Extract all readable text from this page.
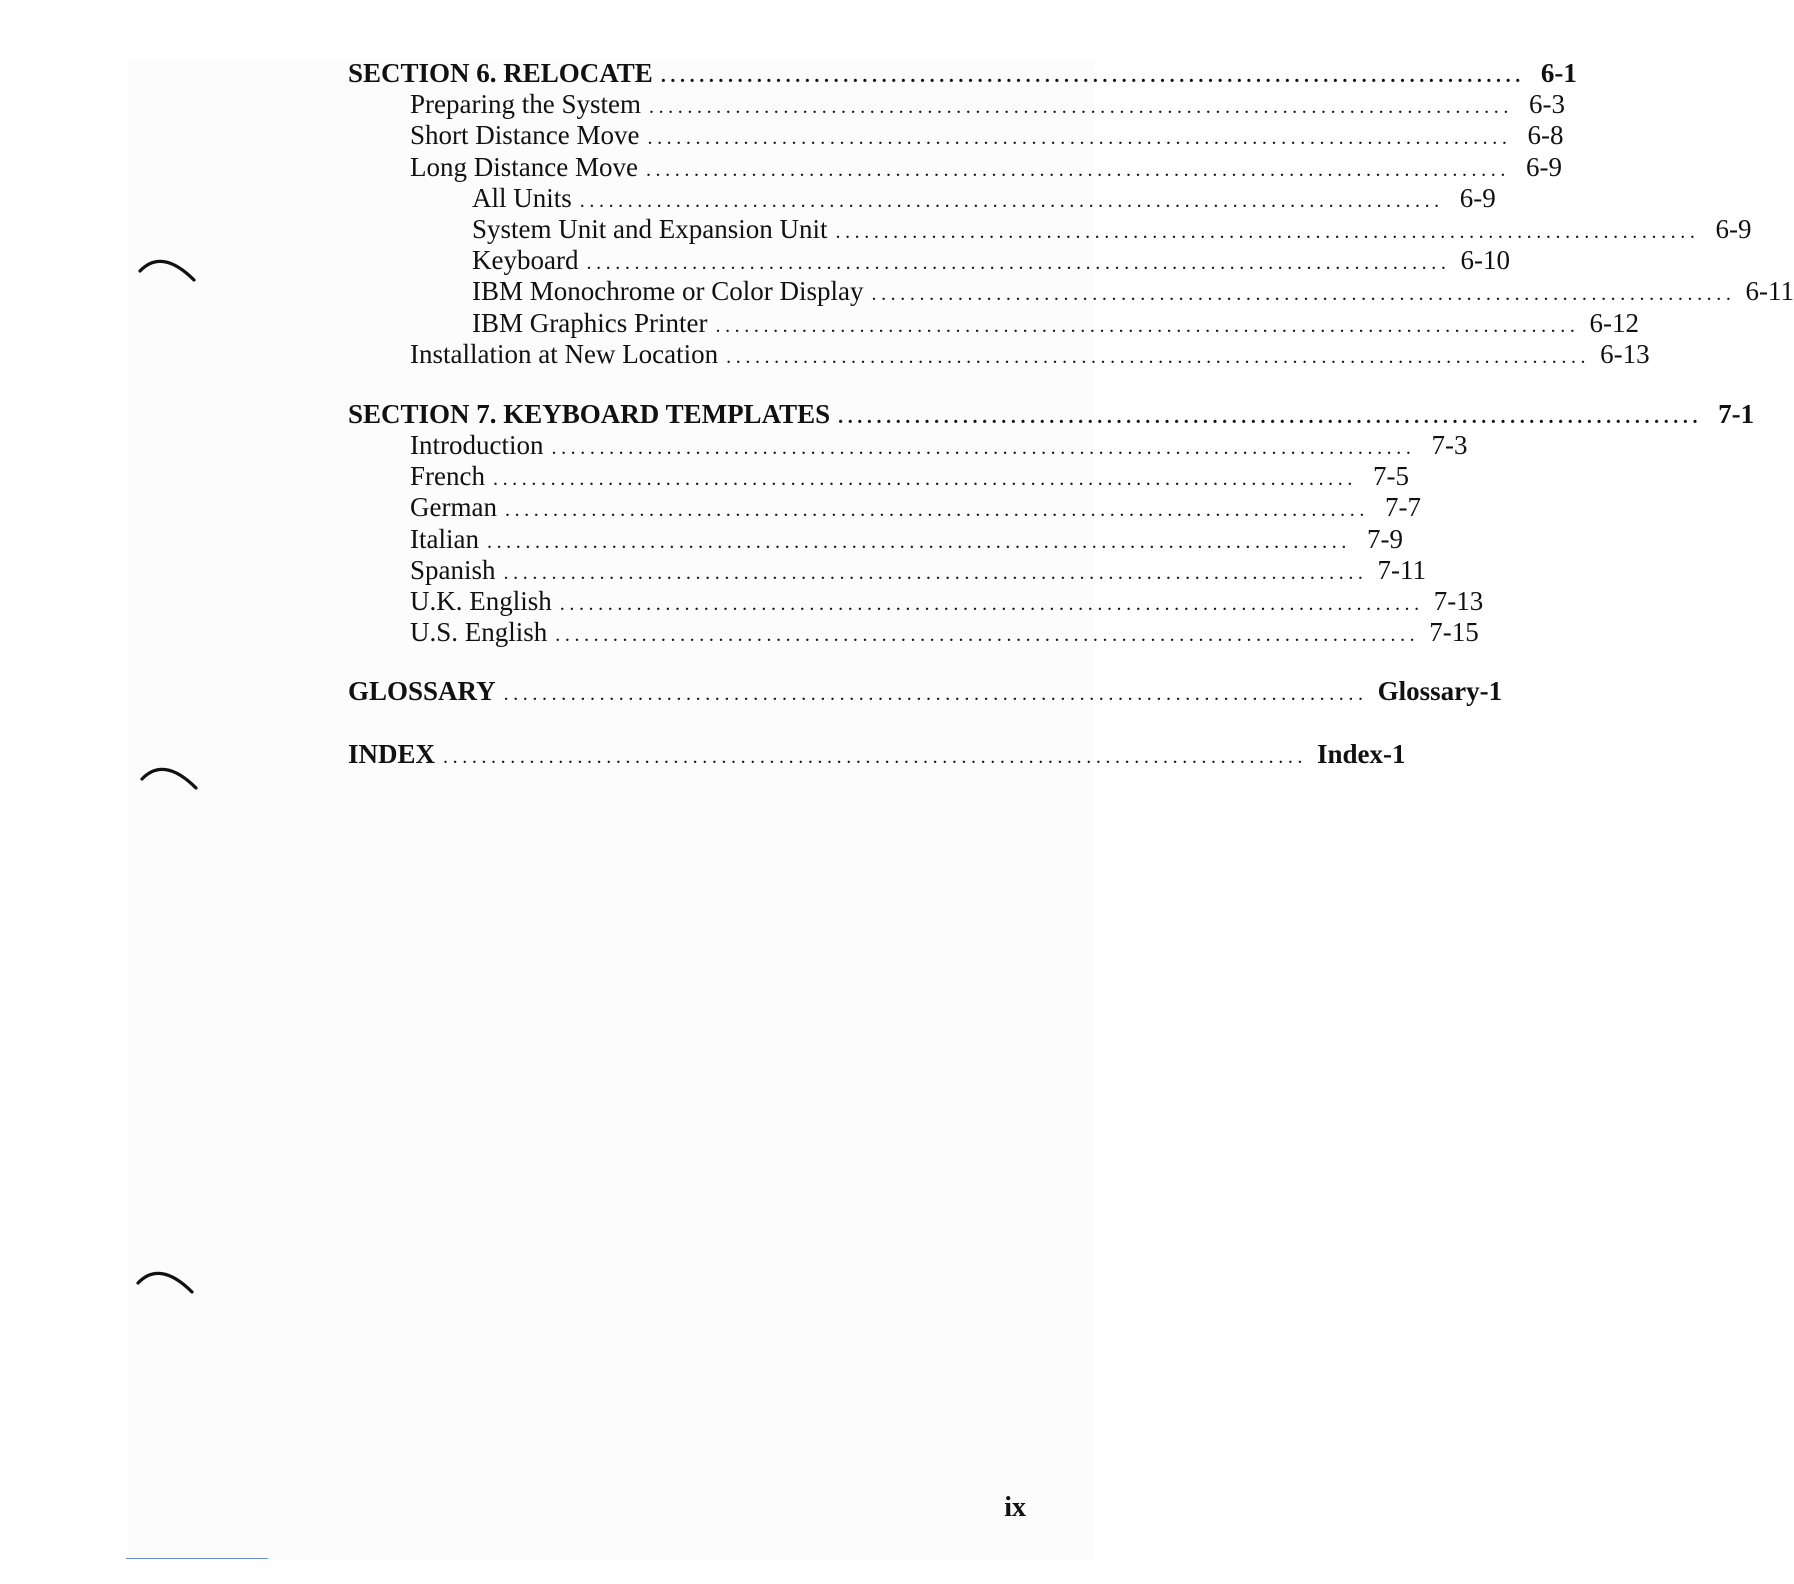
SECTION 6. RELOCATE .......................................................................................... 6-1
Preparing the System .......................................................................................... 6-3
Short Distance Move .......................................................................................... 6-8
Long Distance Move .......................................................................................... 6-9
All Units .......................................................................................... 6-9
System Unit and Expansion Unit .......................................................................................... 6-9
Keyboard .......................................................................................... 6-10
IBM Monochrome or Color Display .......................................................................................... 6-11
IBM Graphics Printer .......................................................................................... 6-12
Installation at New Location .......................................................................................... 6-13
SECTION 7. KEYBOARD TEMPLATES .......................................................................................... 7-1
Introduction .......................................................................................... 7-3
French .......................................................................................... 7-5
German .......................................................................................... 7-7
Italian .......................................................................................... 7-9
Spanish .......................................................................................... 7-11
U.K. English .......................................................................................... 7-13
U.S. English .......................................................................................... 7-15
GLOSSARY .......................................................................................... Glossary-1
INDEX .......................................................................................... Index-1
ix
